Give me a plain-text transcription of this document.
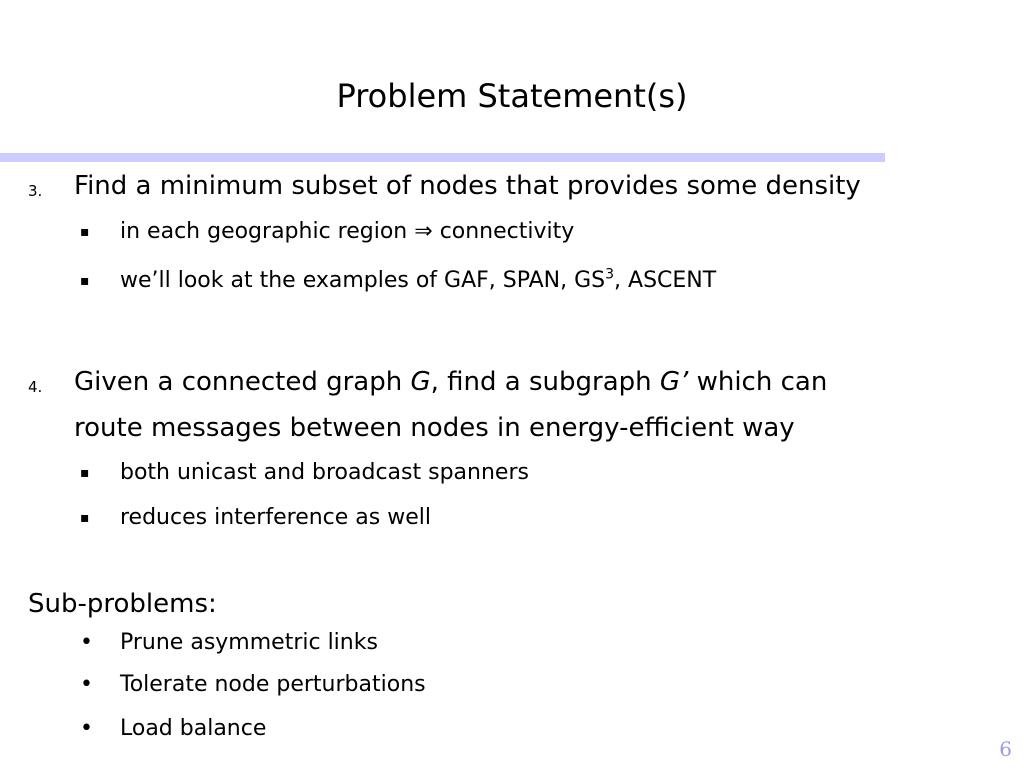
Problem Statement(s)
3. Find a minimum subset of nodes that provides some density
▪ in each geographic region ⇒ connectivity
▪ we’ll look at the examples of GAF, SPAN, $GS^3$, ASCENT
4. Given a connected graph G, find a subgraph G’ which can
route messages between nodes in energy-efficient way
▪ both unicast and broadcast spanners
▪ reduces interference as well
Sub-problems:
• Prune asymmetric links
• Tolerate node perturbations
• Load balance
6
